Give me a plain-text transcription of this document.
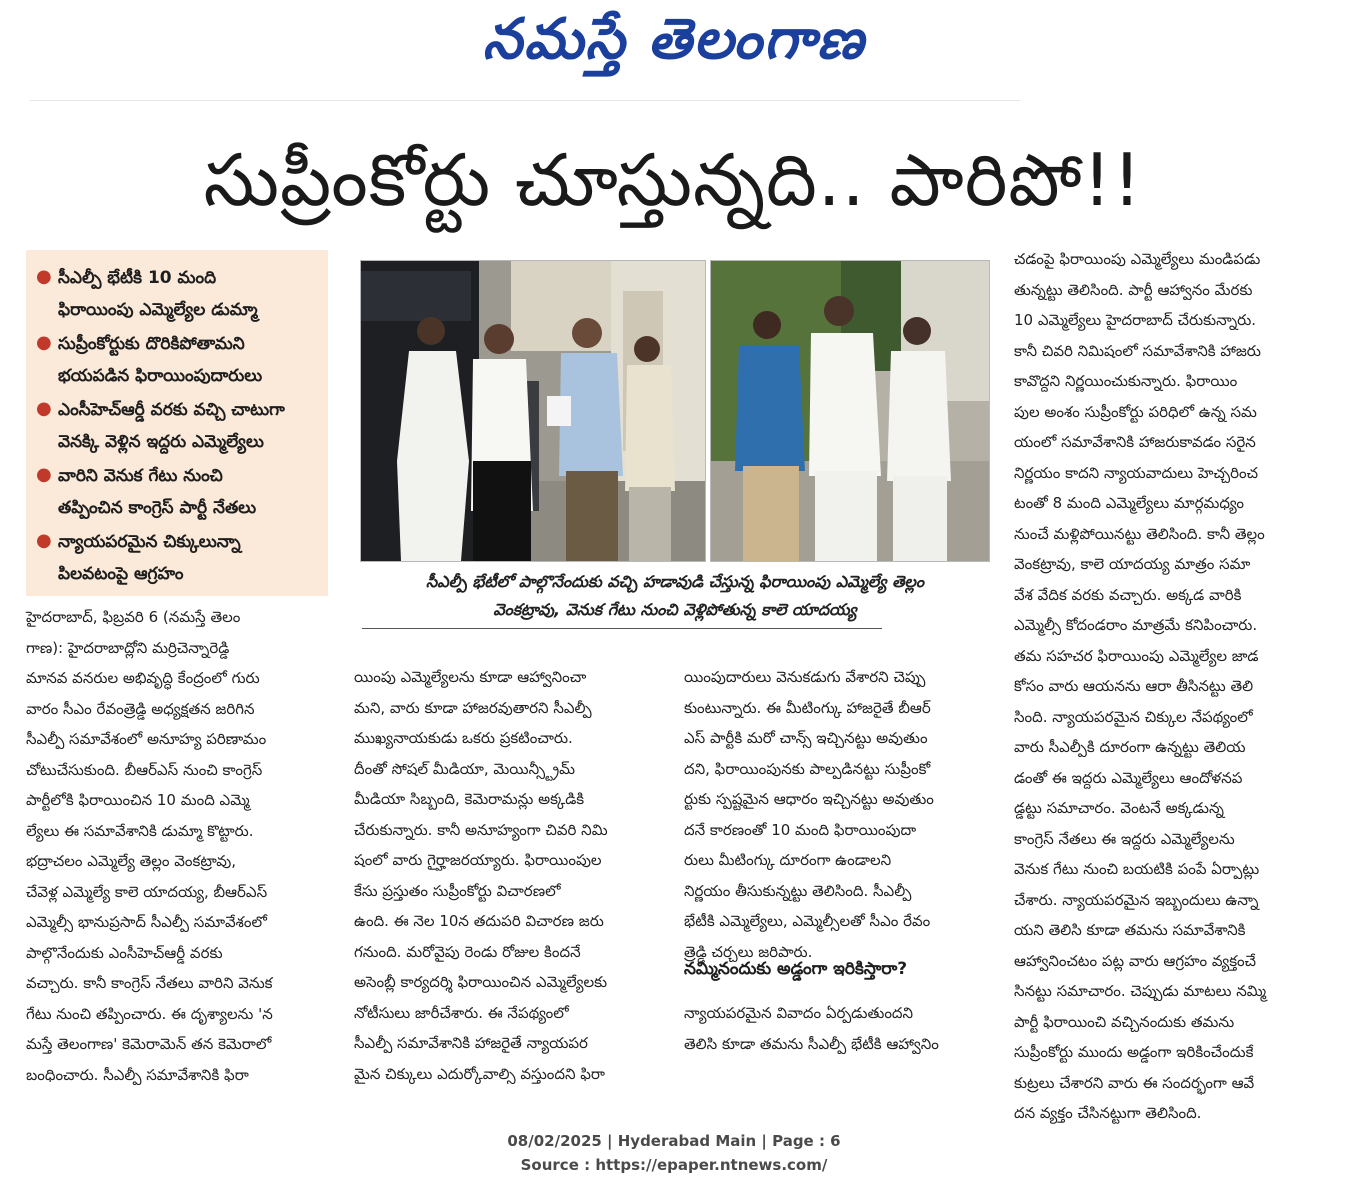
నమస్తే తెలంగాణ
సుప్రీంకోర్టు చూస్తున్నది.. పారిపో!!
● సీఎల్పీ భేటీకి 10 మంది
ఫిరాయింపు ఎమ్మెల్యేల డుమ్మా
● సుప్రీంకోర్టుకు దొరికిపోతామని
భయపడిన ఫిరాయింపుదారులు
● ఎంసీహెచ్ఆర్డీ వరకు వచ్చి చాటుగా
వెనక్కి వెళ్లిన ఇద్దరు ఎమ్మెల్యేలు
● వారిని వెనుక గేటు నుంచి
తప్పించిన కాంగ్రెస్ పార్టీ నేతలు
● న్యాయపరమైన చిక్కులున్నా
పిలవటంపై ఆగ్రహం	సీఎల్పీ భేటీలో పాల్గొనేందుకు వచ్చి హడావుడి చేస్తున్న ఫిరాయింపు ఎమ్మెల్యే తెల్లం
వెంకట్రావు, వెనుక గేటు నుంచి వెళ్లిపోతున్న కాలె యాదయ్య
హైదరాబాద్, ఫిబ్రవరి 6 (నమస్తే తెలం
గాణ): హైదరాబాద్లోని మర్రిచెన్నారెడ్డి
మానవ వనరుల అభివృద్ధి కేంద్రంలో గురు
వారం సీఎం రేవంత్రెడ్డి అధ్యక్షతన జరిగిన
సీఎల్పీ సమావేశంలో అనూహ్య పరిణామం
చోటుచేసుకుంది. బీఆర్ఎస్ నుంచి కాంగ్రెస్
పార్టీలోకి ఫిరాయించిన 10 మంది ఎమ్మె
ల్యేలు ఈ సమావేశానికి డుమ్మా కొట్టారు.
భద్రాచలం ఎమ్మెల్యే తెల్లం వెంకట్రావు,
చేవెళ్ల ఎమ్మెల్యే కాలె యాదయ్య, బీఆర్ఎస్
ఎమ్మెల్సీ భానుప్రసాద్ సీఎల్పీ సమావేశంలో
పాల్గొనేందుకు ఎంసీహెచ్ఆర్డీ వరకు
వచ్చారు. కానీ కాంగ్రెస్ నేతలు వారిని వెనుక
గేటు నుంచి తప్పించారు. ఈ దృశ్యాలను 'న
మస్తే తెలంగాణ' కెమెరామెన్ తన కెమెరాలో
బంధించారు. సీఎల్పీ సమావేశానికి ఫిరా
యింపు ఎమ్మెల్యేలను కూడా ఆహ్వానించా
మని, వారు కూడా హాజరవుతారని సీఎల్పీ
ముఖ్యనాయకుడు ఒకరు ప్రకటించారు.
దీంతో సోషల్ మీడియా, మెయిన్స్ట్రీమ్
మీడియా సిబ్బంది, కెమెరామన్లు అక్కడికి
చేరుకున్నారు. కానీ అనూహ్యంగా చివరి నిమి
షంలో వారు గైర్హాజరయ్యారు. ఫిరాయింపుల
కేసు ప్రస్తుతం సుప్రీంకోర్టు విచారణలో
ఉంది. ఈ నెల 10న తదుపరి విచారణ జరు
గనుంది. మరోవైపు రెండు రోజుల కిందనే
అసెంబ్లీ కార్యదర్శి ఫిరాయించిన ఎమ్మెల్యేలకు
నోటీసులు జారీచేశారు. ఈ నేపథ్యంలో
సీఎల్పీ సమావేశానికి హాజరైతే న్యాయపర
మైన చిక్కులు ఎదుర్కోవాల్సి వస్తుందని ఫిరా
యింపుదారులు వెనుకడుగు వేశారని చెప్పు
కుంటున్నారు. ఈ మీటింగ్కు హాజరైతే బీఆర్
ఎస్ పార్టీకి మరో చాన్స్ ఇచ్చినట్టు అవుతుం
దని, ఫిరాయింపునకు పాల్పడినట్టు సుప్రీంకో
ర్టుకు స్పష్టమైన ఆధారం ఇచ్చినట్టు అవుతుం
దనే కారణంతో 10 మంది ఫిరాయింపుదా
రులు మీటింగ్కు దూరంగా ఉండాలని
నిర్ణయం తీసుకున్నట్టు తెలిసింది. సీఎల్పీ
భేటీకి ఎమ్మెల్యేలు, ఎమ్మెల్సీలతో సీఎం రేవం
త్రెడ్డి చర్చలు జరిపారు.
నమ్మినందుకు అడ్డంగా ఇరికిస్తారా?
న్యాయపరమైన వివాదం ఏర్పడుతుందని
తెలిసి కూడా తమను సీఎల్పీ భేటీకి ఆహ్వానిం
చడంపై ఫిరాయింపు ఎమ్మెల్యేలు మండిపడు
తున్నట్టు తెలిసింది. పార్టీ ఆహ్వానం మేరకు
10 ఎమ్మెల్యేలు హైదరాబాద్ చేరుకున్నారు.
కానీ చివరి నిమిషంలో సమావేశానికి హాజరు
కావొద్దని నిర్ణయించుకున్నారు. ఫిరాయిం
పుల అంశం సుప్రీంకోర్టు పరిధిలో ఉన్న సమ
యంలో సమావేశానికి హాజరుకావడం సరైన
నిర్ణయం కాదని న్యాయవాదులు హెచ్చరించ
టంతో 8 మంది ఎమ్మెల్యేలు మార్గమధ్యం
నుంచే మళ్లిపోయినట్టు తెలిసింది. కానీ తెల్లం
వెంకట్రావు, కాలె యాదయ్య మాత్రం సమా
వేశ వేదిక వరకు వచ్చారు. అక్కడ వారికి
ఎమ్మెల్సీ కోదండరాం మాత్రమే కనిపించారు.
తమ సహచర ఫిరాయింపు ఎమ్మెల్యేల జాడ
కోసం వారు ఆయనను ఆరా తీసినట్టు తెలి
సింది. న్యాయపరమైన చిక్కుల నేపథ్యంలో
వారు సీఎల్పీకి దూరంగా ఉన్నట్టు తెలియ
డంతో ఈ ఇద్దరు ఎమ్మెల్యేలు ఆందోళనప
డ్డట్టు సమాచారం. వెంటనే అక్కడున్న
కాంగ్రెస్ నేతలు ఈ ఇద్దరు ఎమ్మెల్యేలను
వెనుక గేటు నుంచి బయటికి పంపే ఏర్పాట్లు
చేశారు. న్యాయపరమైన ఇబ్బందులు ఉన్నా
యని తెలిసి కూడా తమను సమావేశానికి
ఆహ్వానించటం పట్ల వారు ఆగ్రహం వ్యక్తంచే
సినట్టు సమాచారం. చెప్పుడు మాటలు నమ్మి
పార్టీ ఫిరాయించి వచ్చినందుకు తమను
సుప్రీంకోర్టు ముందు అడ్డంగా ఇరికించేందుకే
కుట్రలు చేశారని వారు ఈ సందర్భంగా ఆవే
దన వ్యక్తం చేసినట్టుగా తెలిసింది.
08/02/2025 | Hyderabad Main | Page : 6
Source : https://epaper.ntnews.com/
